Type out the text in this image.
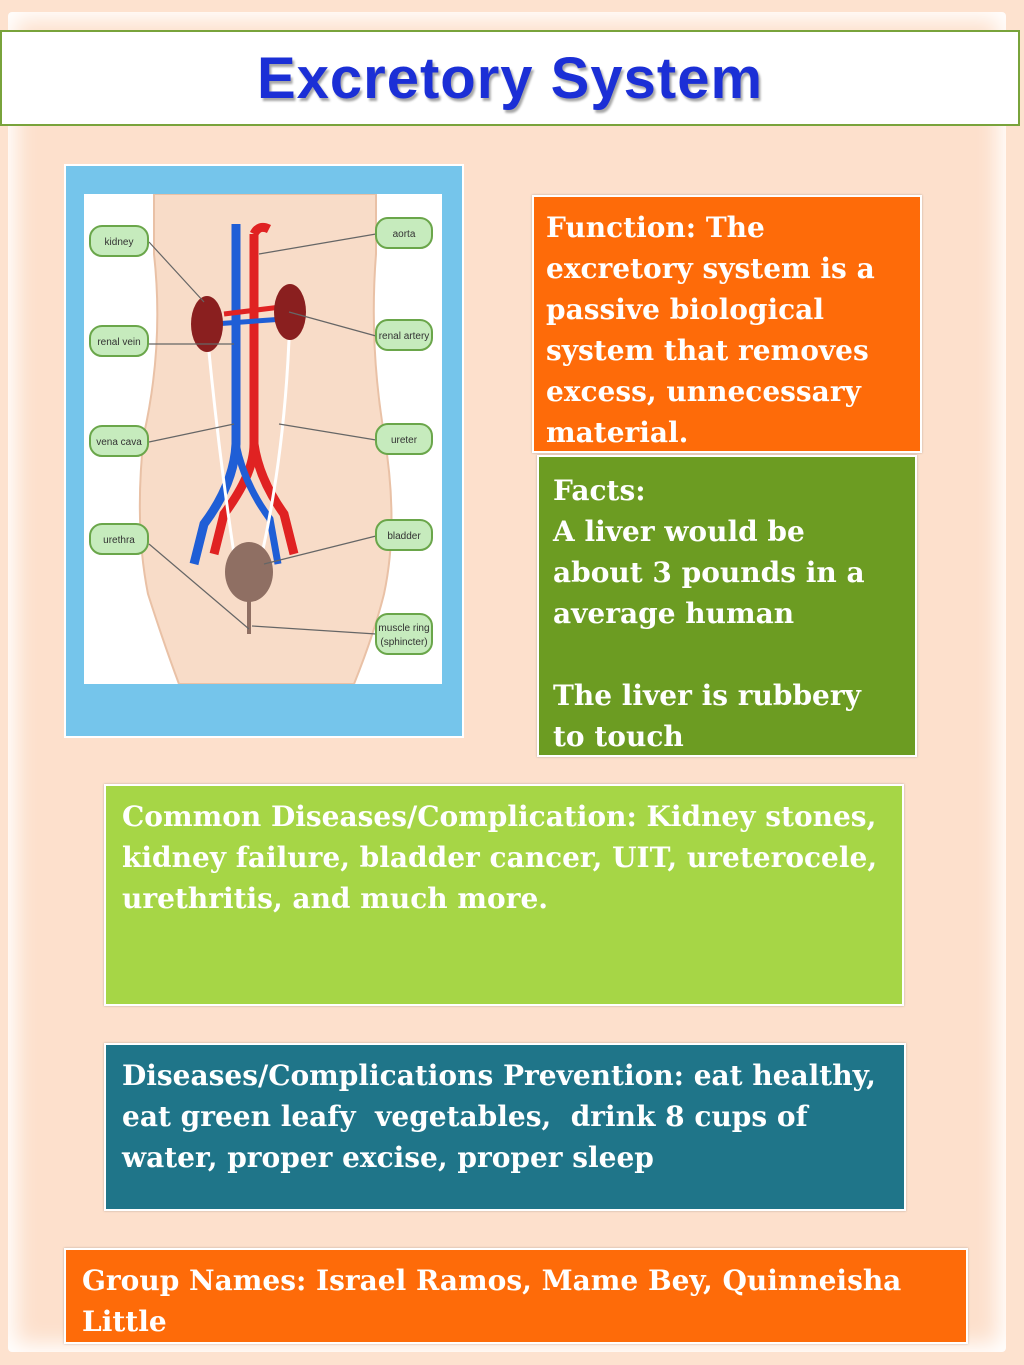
Excretory System
kidney
renal vein
vena cava
urethra
aorta
renal artery
ureter
bladder
muscle ring
(sphincter)

Function: The excretory system is a passive biological system that removes excess, unnecessary material.

Facts:

A liver would be about 3 pounds in a average human

The liver is rubbery to touch

Common Diseases/Complication: Kidney stones, kidney failure, bladder cancer, UIT, ureterocele, urethritis, and much more.

Diseases/Complications Prevention: eat healthy, eat green leafy  vegetables,  drink 8 cups of water, proper excise, proper sleep

Group Names: Israel Ramos, Mame Bey, Quinneisha Little
